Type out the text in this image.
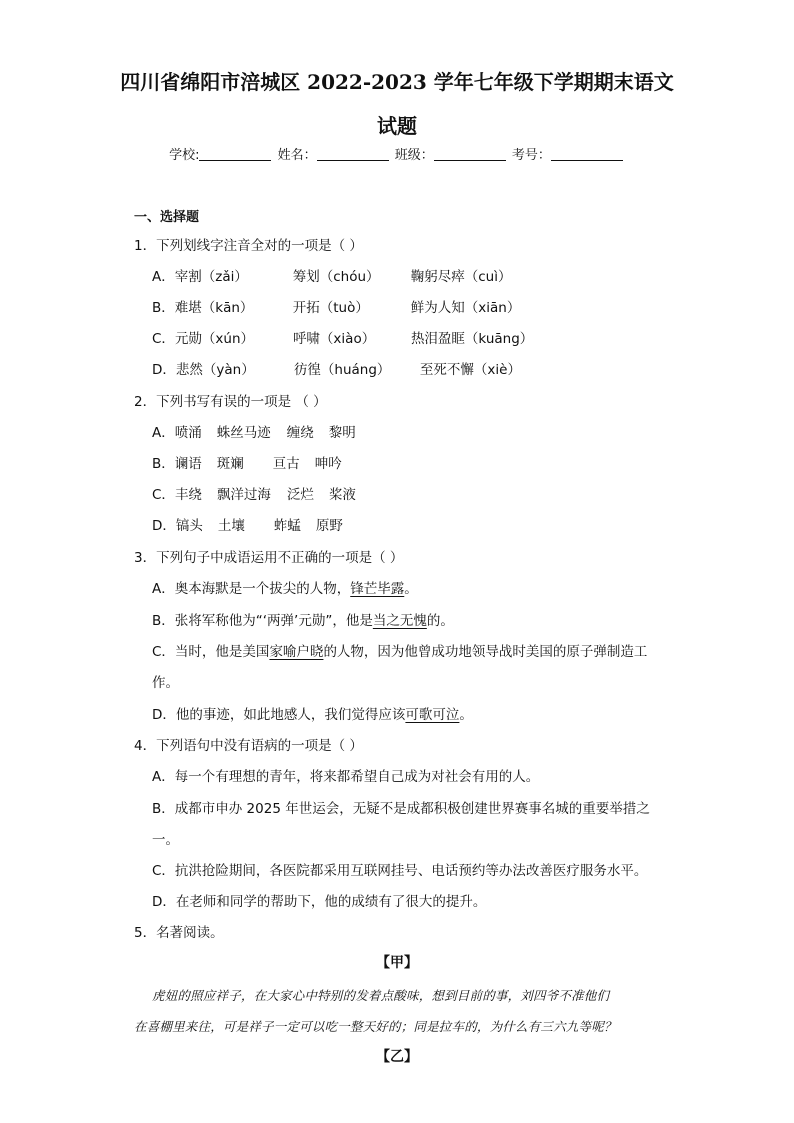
四川省绵阳市涪城区 2022-2023 学年七年级下学期期末语文
试题
学校:	姓名：	班级：	考号：
一、选择题
1．下列划线字注音全对的一项是（ ）
A．宰割（zǎi）	筹划（chóu） 鞠躬尽瘁（cuì）
B．难堪（kān）	开拓（tuò）	鲜为人知（xiān）
C．元勋（xún）	呼啸（xiào）	热泪盈眶（kuāng）
D．悲然（yàn）	彷徨（huáng） 至死不懈（xiè）
2．下列书写有误的一项是 （ ）
A．喷涌 蛛丝马迹 缠绕 黎明
B．谰语 斑斓 亘古 呻吟
C．丰绕 飘洋过海 泛烂 桨液
D．镐头 土壤 蚱蜢 原野
3．下列句子中成语运用不正确的一项是（ ）
A．奥本海默是一个拔尖的人物，锋芒毕露。
B．张将军称他为“‘两弹’元勋”，他是当之无愧的。
C．当时，他是美国家喻户晓的人物，因为他曾成功地领导战时美国的原子弹制造工
作。
D．他的事迹，如此地感人，我们觉得应该可歌可泣。
4．下列语句中没有语病的一项是（ ）
A．每一个有理想的青年，将来都希望自己成为对社会有用的人。
B．成都市申办 2025 年世运会，无疑不是成都积极创建世界赛事名城的重要举措之
一。
C．抗洪抢险期间，各医院都采用互联网挂号、电话预约等办法改善医疗服务水平。
D．在老师和同学的帮助下，他的成绩有了很大的提升。
5．名著阅读。
【甲】
虎妞的照应祥子，在大家心中特别的发着点酸味，想到目前的事，刘四爷不准他们
在喜棚里来往，可是祥子一定可以吃一整天好的；同是拉车的，为什么有三六九等呢？
【乙】
